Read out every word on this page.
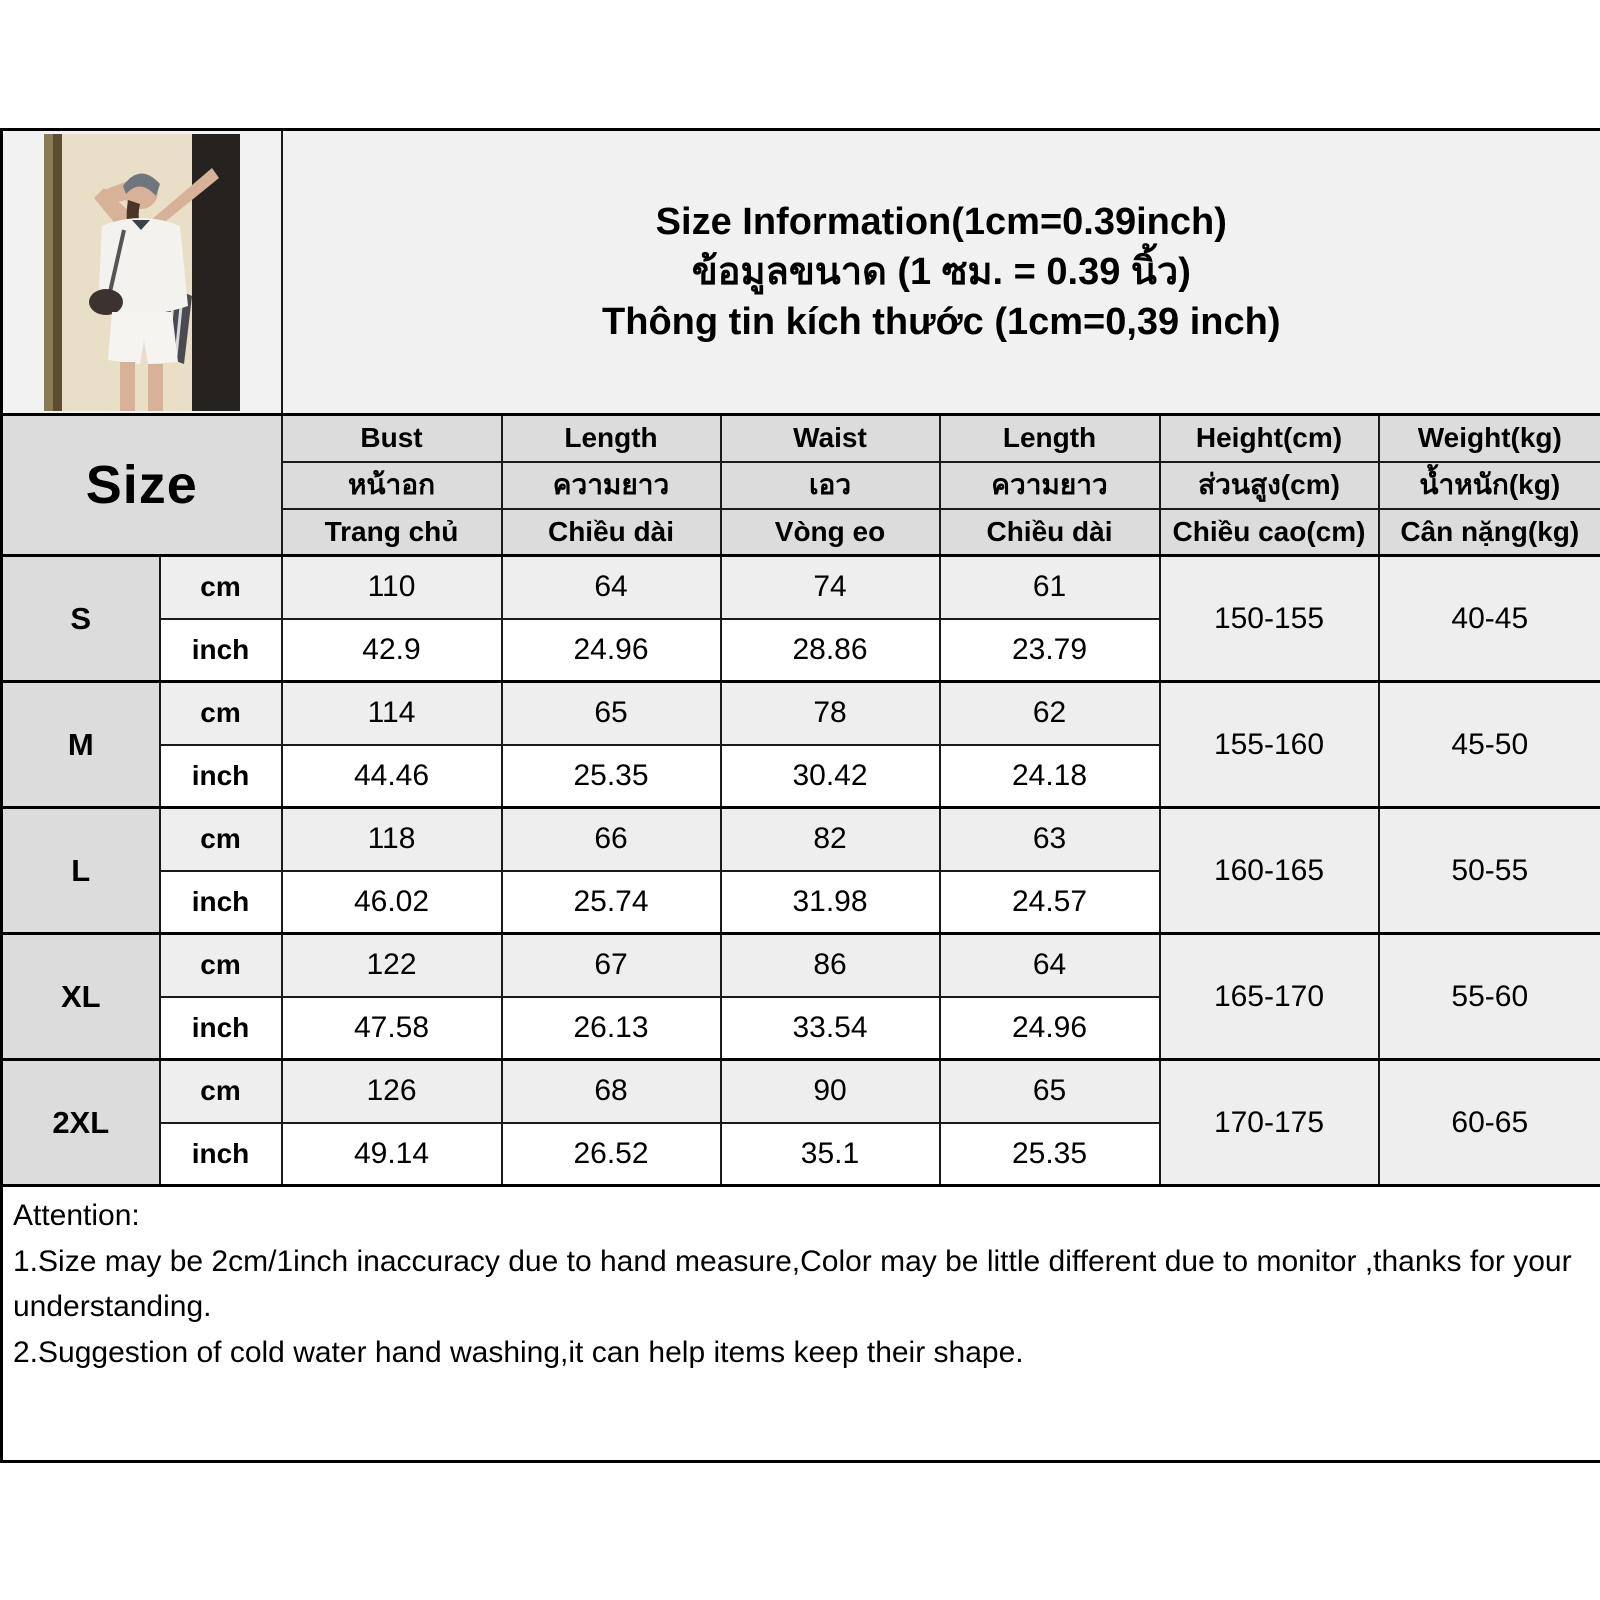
Size Information(1cm=0.39inch)
ข้อมูลขนาด (1 ซม. = 0.39 นิ้ว)
Thông tin kích thước (1cm=0,39 inch)					

Size		Bust	Length	Waist	Length	Height(cm)	Weight(kg)
		หน้าอก	ความยาว	เอว	ความยาว	ส่วนสูง(cm)	น้ำหนัก(kg)
		Trang chủ	Chiều dài	Vòng eo	Chiều dài	Chiều cao(cm)	Cân nặng(kg)
S	cm	110	64	74	61	150-155	40-45
	inch	42.9	24.96	28.86	23.79		
M	cm	114	65	78	62	155-160	45-50
	inch	44.46	25.35	30.42	24.18		
L	cm	118	66	82	63	160-165	50-55
	inch	46.02	25.74	31.98	24.57		
XL	cm	122	67	86	64	165-170	55-60
	inch	47.58	26.13	33.54	24.96		
2XL	cm	126	68	90	65	170-175	60-65
	inch	49.14	26.52	35.1	25.35		

Attention:

1.Size may be 2cm/1inch inaccuracy due to hand measure,Color may be little different due to monitor ,thanks for your understanding.

2.Suggestion of cold water hand washing,it can help items keep their shape.							
